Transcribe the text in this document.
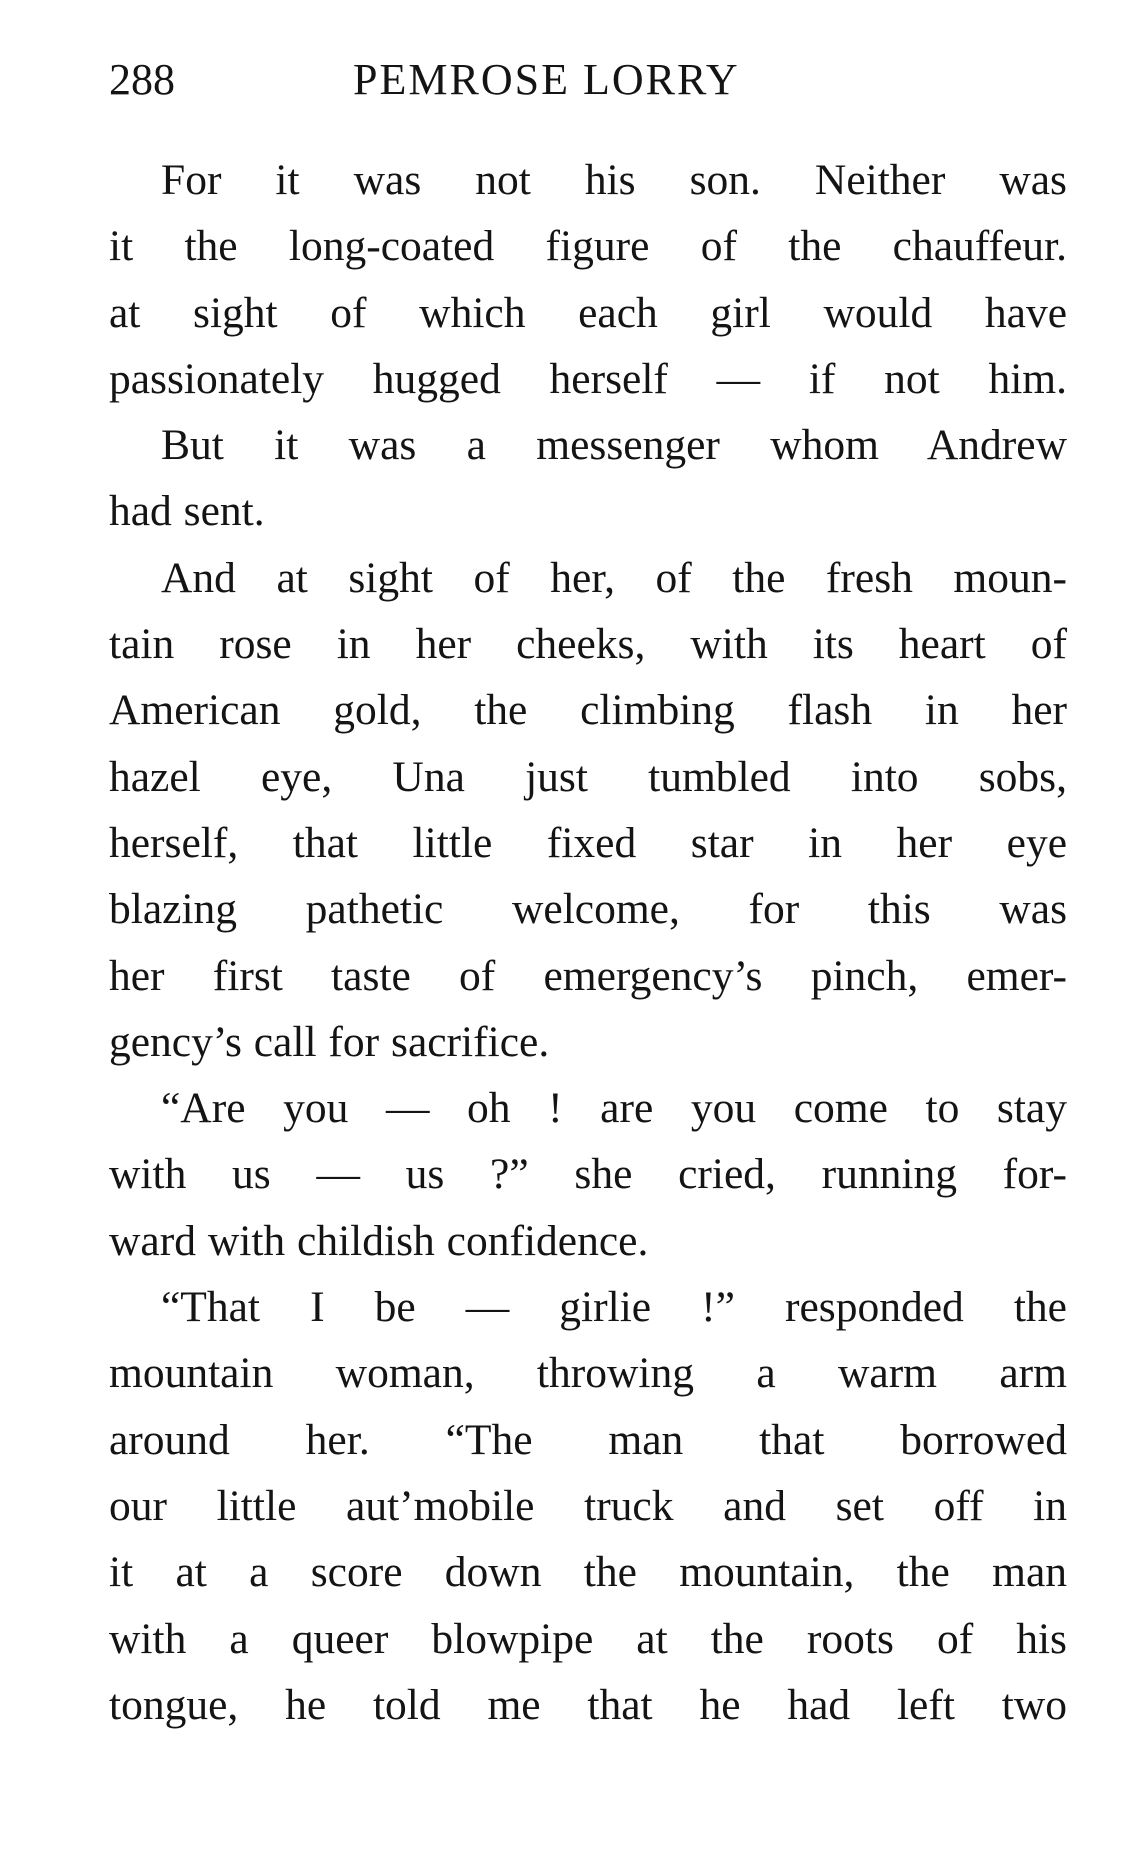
288	PEMROSE LORRY
For it was not his son. Neither was
it the long-coated figure of the chauffeur.
at sight of which each girl would have
passionately hugged herself — if not him.
But it was a messenger whom Andrew
had sent.
And at sight of her, of the fresh moun-
tain rose in her cheeks, with its heart of
American gold, the climbing flash in her
hazel eye, Una just tumbled into sobs,
herself, that little fixed star in her eye
blazing pathetic welcome, for this was
her first taste of emergency’s pinch, emer-
gency’s call for sacrifice.
“Are you — oh ! are you come to stay
with us — us ?” she cried, running for-
ward with childish confidence.
“That I be — girlie !” responded the
mountain woman, throwing a warm arm
around her. “The man that borrowed
our little aut’mobile truck and set off in
it at a score down the mountain, the man
with a queer blowpipe at the roots of his
tongue, he told me that he had left two
